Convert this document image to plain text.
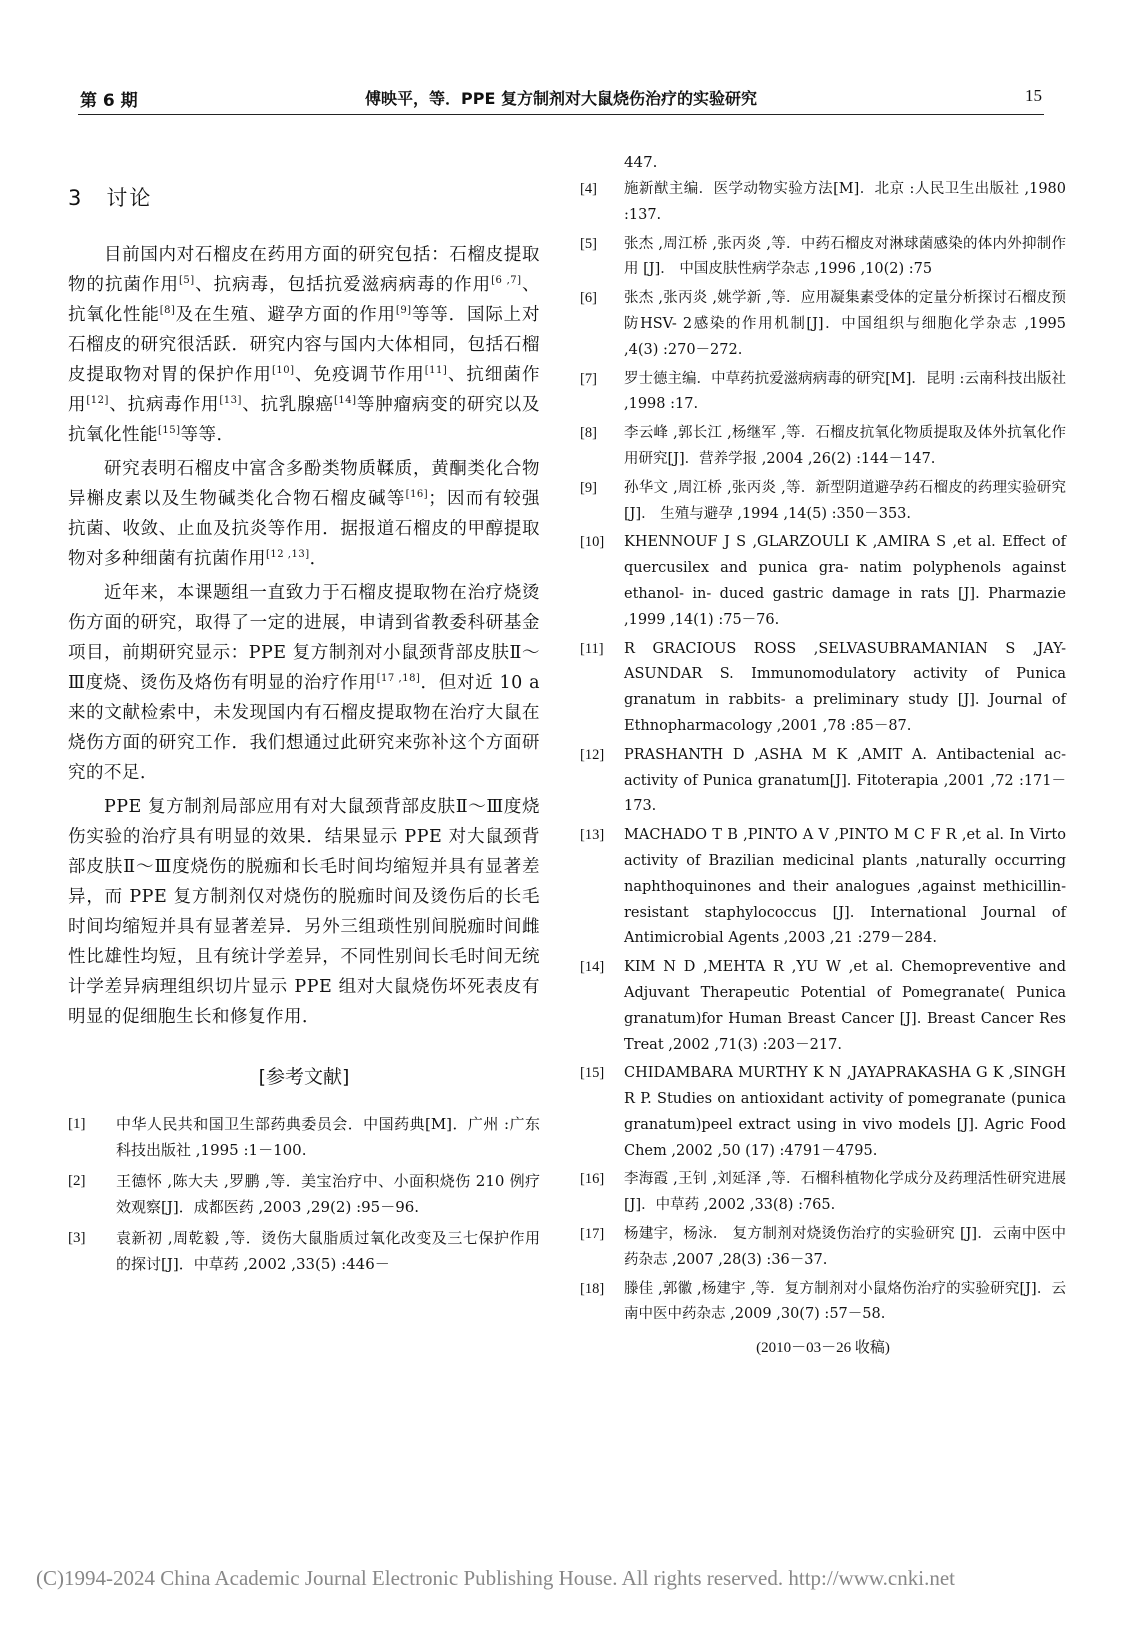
第 6 期	傅映平，等．PPE 复方制剂对大鼠烧伤治疗的实验研究	15
3　讨论

目前国内对石榴皮在药用方面的研究包括：石榴皮提取物的抗菌作用[5]、抗病毒，包括抗爱滋病病毒的作用[6 ,7]、抗氧化性能[8]及在生殖、避孕方面的作用[9]等等．国际上对石榴皮的研究很活跃．研究内容与国内大体相同，包括石榴皮提取物对胃的保护作用[10]、免疫调节作用[11]、抗细菌作用[12]、抗病毒作用[13]、抗乳腺癌[14]等肿瘤病变的研究以及抗氧化性能[15]等等．

研究表明石榴皮中富含多酚类物质鞣质，黄酮类化合物异槲皮素以及生物碱类化合物石榴皮碱等[16]；因而有较强抗菌、收敛、止血及抗炎等作用．据报道石榴皮的甲醇提取物对多种细菌有抗菌作用[12 ,13]．

近年来，本课题组一直致力于石榴皮提取物在治疗烧烫伤方面的研究，取得了一定的进展，申请到省教委科研基金项目，前期研究显示：PPE 复方制剂对小鼠颈背部皮肤Ⅱ～Ⅲ度烧、烫伤及烙伤有明显的治疗作用[17 ,18]．但对近 10 a 来的文献检索中，未发现国内有石榴皮提取物在治疗大鼠在烧伤方面的研究工作．我们想通过此研究来弥补这个方面研究的不足．

PPE 复方制剂局部应用有对大鼠颈背部皮肤Ⅱ～Ⅲ度烧伤实验的治疗具有明显的效果．结果显示 PPE 对大鼠颈背部皮肤Ⅱ～Ⅲ度烧伤的脱痂和长毛时间均缩短并具有显著差异，而 PPE 复方制剂仅对烧伤的脱痂时间及烫伤后的长毛时间均缩短并具有显著差异．另外三组琐性别间脱痂时间雌性比雄性均短，且有统计学差异，不同性别间长毛时间无统计学差异病理组织切片显示 PPE 组对大鼠烧伤坏死表皮有明显的促细胞生长和修复作用．

[参考文献]
[1]	中华人民共和国卫生部药典委员会．中国药典[M]．广州 :广东科技出版社 ,1995 :1－100.
[2]	王德怀 ,陈大夫 ,罗鹏 ,等．美宝治疗中、小面积烧伤 210 例疗效观察[J]．成都医药 ,2003 ,29(2) :95－96.
[3]	袁新初 ,周乾毅 ,等．烫伤大鼠脂质过氧化改变及三七保护作用的探讨[J]．中草药 ,2002 ,33(5) :446－
447.
[4]	施新猷主编．医学动物实验方法[M]．北京 :人民卫生出版社 ,1980 :137.
[5]	张杰 ,周江桥 ,张丙炎 ,等．中药石榴皮对淋球菌感染的体内外抑制作用 [J]． 中国皮肤性病学杂志 ,1996 ,10(2) :75
[6]	张杰 ,张丙炎 ,姚学新 ,等．应用凝集素受体的定量分析探讨石榴皮预防HSV- 2感染的作用机制[J]．中国组织与细胞化学杂志 ,1995 ,4(3) :270－272.
[7]	罗士德主编．中草药抗爱滋病病毒的研究[M]．昆明 :云南科技出版社 ,1998 :17.
[8]	李云峰 ,郭长江 ,杨继军 ,等．石榴皮抗氧化物质提取及体外抗氧化作用研究[J]．营养学报 ,2004 ,26(2) :144－147.
[9]	孙华文 ,周江桥 ,张丙炎 ,等．新型阴道避孕药石榴皮的药理实验研究 [J]． 生殖与避孕 ,1994 ,14(5) :350－353.
[10]	KHENNOUF J S ,GLARZOULI K ,AMIRA S ,et al. Effect of quercusilex and punica gra- natim polyphenols against ethanol- in- duced gastric damage in rats [J]. Pharmazie ,1999 ,14(1) :75－76.
[11]	R GRACIOUS ROSS ,SELVASUBRAMANIAN S ,JAY-ASUNDAR S. Immunomodulatory activity of Punica granatum in rabbits- a preliminary study [J]. Journal of Ethnopharmacology ,2001 ,78 :85－87.
[12]	PRASHANTH D ,ASHA M K ,AMIT A. Antibactenial ac-activity of Punica granatum[J]. Fitoterapia ,2001 ,72 :171－173.
[13]	MACHADO T B ,PINTO A V ,PINTO M C F R ,et al. In Virto activity of Brazilian medicinal plants ,naturally occurring naphthoquinones and their analogues ,against methicillin- resistant staphylococcus [J]. International Journal of Antimicrobial Agents ,2003 ,21 :279－284.
[14]	KIM N D ,MEHTA R ,YU W ,et al. Chemopreventive and Adjuvant Therapeutic Potential of Pomegranate( Punica granatum)for Human Breast Cancer [J]. Breast Cancer Res Treat ,2002 ,71(3) :203－217.
[15]	CHIDAMBARA MURTHY K N ,JAYAPRAKASHA G K ,SINGH R P. Studies on antioxidant activity of pomegranate (punica granatum)peel extract using in vivo models [J]. Agric Food Chem ,2002 ,50 (17) :4791－4795.
[16]	李海霞 ,王钊 ,刘延泽 ,等．石榴科植物化学成分及药理活性研究进展[J]．中草药 ,2002 ,33(8) :765.
[17]	杨建宇，杨泳． 复方制剂对烧烫伤治疗的实验研究 [J]．云南中医中药杂志 ,2007 ,28(3) :36－37.
[18]	滕佳 ,郭徽 ,杨建宇 ,等．复方制剂对小鼠烙伤治疗的实验研究[J]．云南中医中药杂志 ,2009 ,30(7) :57－58.
(2010－03－26 收稿)
(C)1994-2024 China Academic Journal Electronic Publishing House. All rights reserved. http://www.cnki.net
